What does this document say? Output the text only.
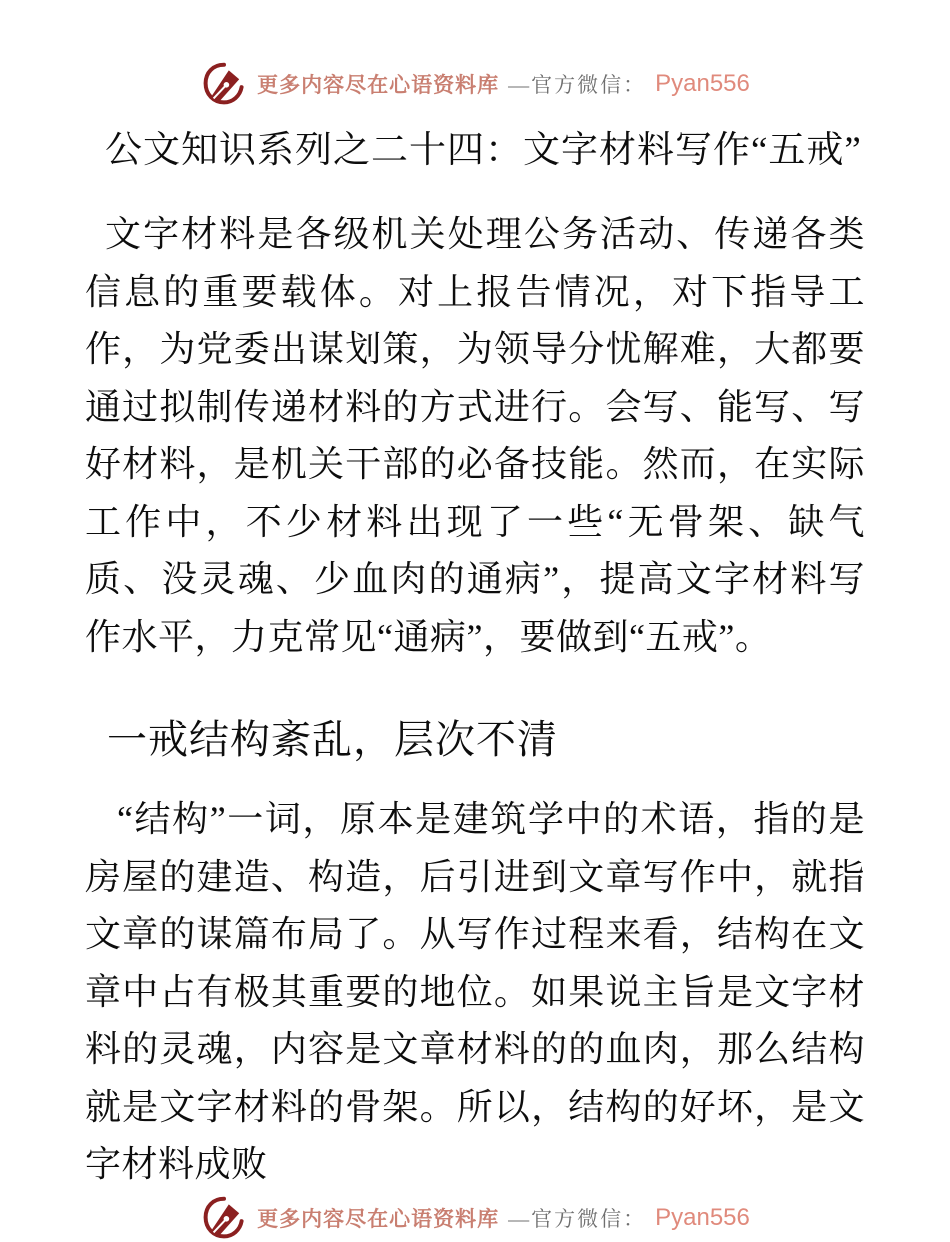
更多内容尽在心语资料库 —官方微信： Pyan556
公文知识系列之二十四：文字材料写作“五戒”

文字材料是各级机关处理公务活动、传递各类信息的重要载体。对上报告情况，对下指导工作，为党委出谋划策，为领导分忧解难，大都要通过拟制传递材料的方式进行。会写、能写、写好材料，是机关干部的必备技能。然而，在实际工作中，不少材料出现了一些“无骨架、缺气质、没灵魂、少血肉的通病”，提高文字材料写作水平，力克常见“通病”，要做到“五戒”。

一戒结构紊乱，层次不清

“结构”一词，原本是建筑学中的术语，指的是房屋的建造、构造，后引进到文章写作中，就指文章的谋篇布局了。从写作过程来看，结构在文章中占有极其重要的地位。如果说主旨是文字材料的灵魂，内容是文章材料的的血肉，那么结构就是文字材料的骨架。所以，结构的好坏，是文字材料成败

更多内容尽在心语资料库 —官方微信： Pyan556
